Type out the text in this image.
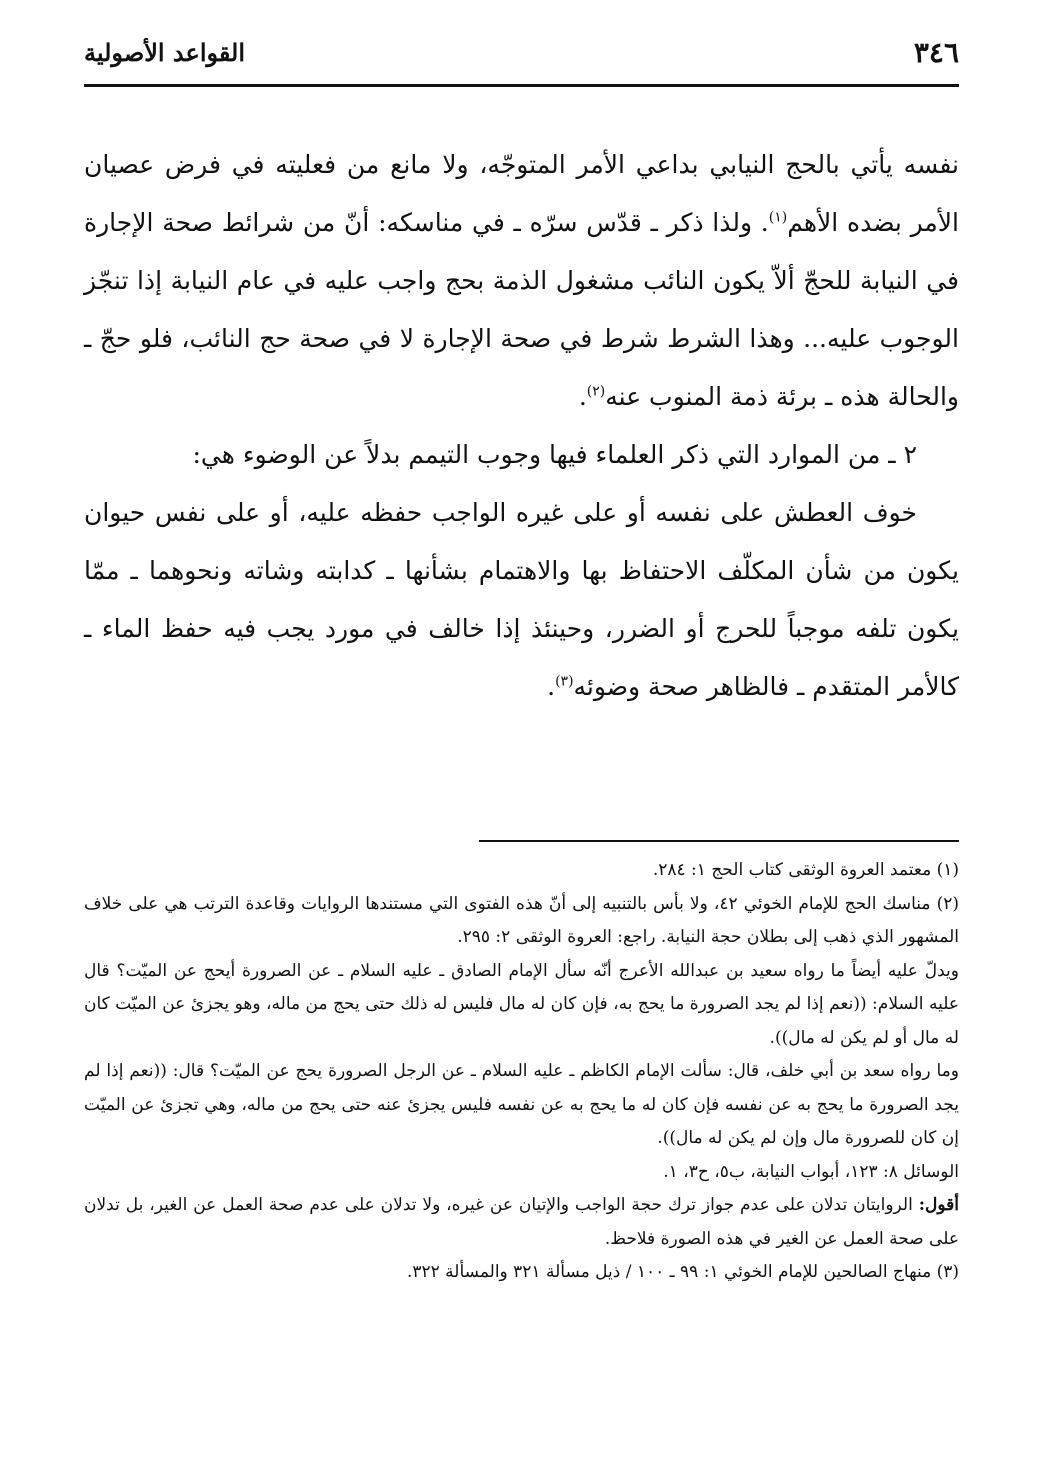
٣٤٦
القواعد الأصولية

نفسه يأتي بالحج النيابي بداعي الأمر المتوجّه، ولا مانع من فعليته في فرض عصيان الأمر بضده الأهم$^{(١)}$. ولذا ذكر ـ قدّس سرّه ـ في مناسكه: أنّ من شرائط صحة الإجارة في النيابة للحجّ ألاّ يكون النائب مشغول الذمة بحج واجب عليه في عام النيابة إذا تنجّز الوجوب عليه... وهذا الشرط شرط في صحة الإجارة لا في صحة حج النائب، فلو حجّ ـ والحالة هذه ـ برئة ذمة المنوب عنه$^{(٢)}$.

٢ ـ من الموارد التي ذكر العلماء فيها وجوب التيمم بدلاً عن الوضوء هي:

خوف العطش على نفسه أو على غيره الواجب حفظه عليه، أو على نفس حيوان يكون من شأن المكلّف الاحتفاظ بها والاهتمام بشأنها ـ كدابته وشاته ونحوهما ـ ممّا يكون تلفه موجباً للحرج أو الضرر، وحينئذ إذا خالف في مورد يجب فيه حفظ الماء ـ كالأمر المتقدم ـ فالظاهر صحة وضوئه$^{(٣)}$.

(١) معتمد العروة الوثقى كتاب الحج ١: ٢٨٤.

(٢) مناسك الحج للإمام الخوئي ٤٢، ولا بأس بالتنبيه إلى أنّ هذه الفتوى التي مستندها الروايات وقاعدة الترتب هي على خلاف المشهور الذي ذهب إلى بطلان حجة النيابة. راجع: العروة الوثقى ٢: ٢٩٥.

ويدلّ عليه أيضاً ما رواه سعيد بن عبدالله الأعرج أنّه سأل الإمام الصادق ـ عليه السلام ـ عن الصرورة أيحج عن الميّت؟ قال عليه السلام: ((نعم إذا لم يجد الصرورة ما يحج به، فإن كان له مال فليس له ذلك حتى يحج من ماله، وهو يجزئ عن الميّت كان له مال أو لم يكن له مال)).

وما رواه سعد بن أبي خلف، قال: سألت الإمام الكاظم ـ عليه السلام ـ عن الرجل الصرورة يحج عن الميّت؟ قال: ((نعم إذا لم يجد الصرورة ما يحج به عن نفسه فإن كان له ما يحج به عن نفسه فليس يجزئ عنه حتى يحج من ماله، وهي تجزئ عن الميّت إن كان للصرورة مال وإن لم يكن له مال)).

الوسائل ٨: ١٢٣، أبواب النيابة، ب٥، ح٣، ١.

أقول: الروايتان تدلان على عدم جواز ترك حجة الواجب والإتيان عن غيره، ولا تدلان على عدم صحة العمل عن الغير، بل تدلان على صحة العمل عن الغير في هذه الصورة فلاحظ.

(٣) منهاج الصالحين للإمام الخوئي ١: ٩٩ ـ ١٠٠ / ذيل مسألة ٣٢١ والمسألة ٣٢٢.
